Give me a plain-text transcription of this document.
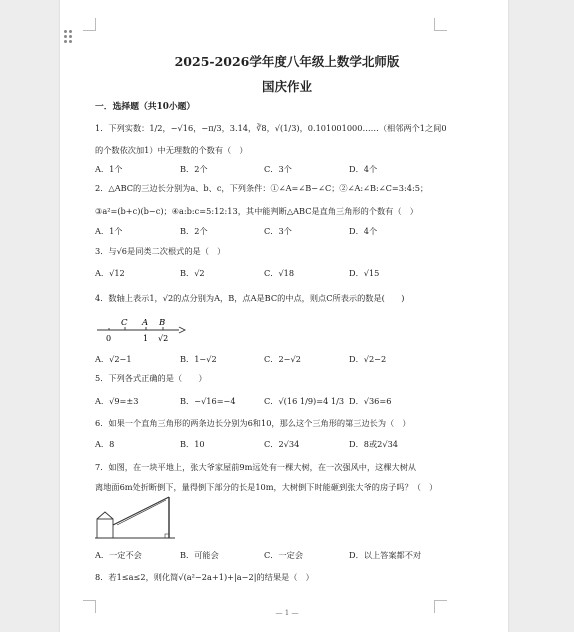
2025-2026学年度八年级上数学北师版
国庆作业
一．选择题（共10小题）
1．下列实数：1/2，−√16，−π/3，3.14，∛8，√(1/3)，0.101001000……（相邻两个1之间0
的个数依次加1）中无理数的个数有（　）
A．1个	B．2个	C．3个	D．4个
2．△ABC的三边长分别为a、b、c，下列条件：①∠A=∠B−∠C；②∠A:∠B:∠C=3:4:5；
③a²=(b+c)(b−c)；④a:b:c=5:12:13，其中能判断△ABC是直角三角形的个数有（　）
A．1个	B．2个	C．3个	D．4个
3．与√6是同类二次根式的是（　）
A．√12	B．√2	C．√18	D．√15
4．数轴上表示1，√2的点分别为A，B，点A是BC的中点，则点C所表示的数是(　　)
C A B
0	1 √2
A．√2−1	B．1−√2	C．2−√2	D．√2−2
5．下列各式正确的是（　　）
A．√9=±3	B．−√16=−4	C．√(16 1/9)=4 1/3 D．√36=6
6．如果一个直角三角形的两条边长分别为6和10，那么这个三角形的第三边长为（　）
A．8	B．10	C．2√34	D．8或2√34
7．如图，在一块平地上，张大爷家屋前9m远处有一棵大树，在一次强风中，这棵大树从
离地面6m处折断倒下，量得倒下部分的长是10m，大树倒下时能砸到张大爷的房子吗？（　）
A．一定不会	B．可能会	C．一定会	D．以上答案都不对
8．若1≤a≤2，则化简√(a²−2a+1)+|a−2|的结果是（　）
— 1 —
